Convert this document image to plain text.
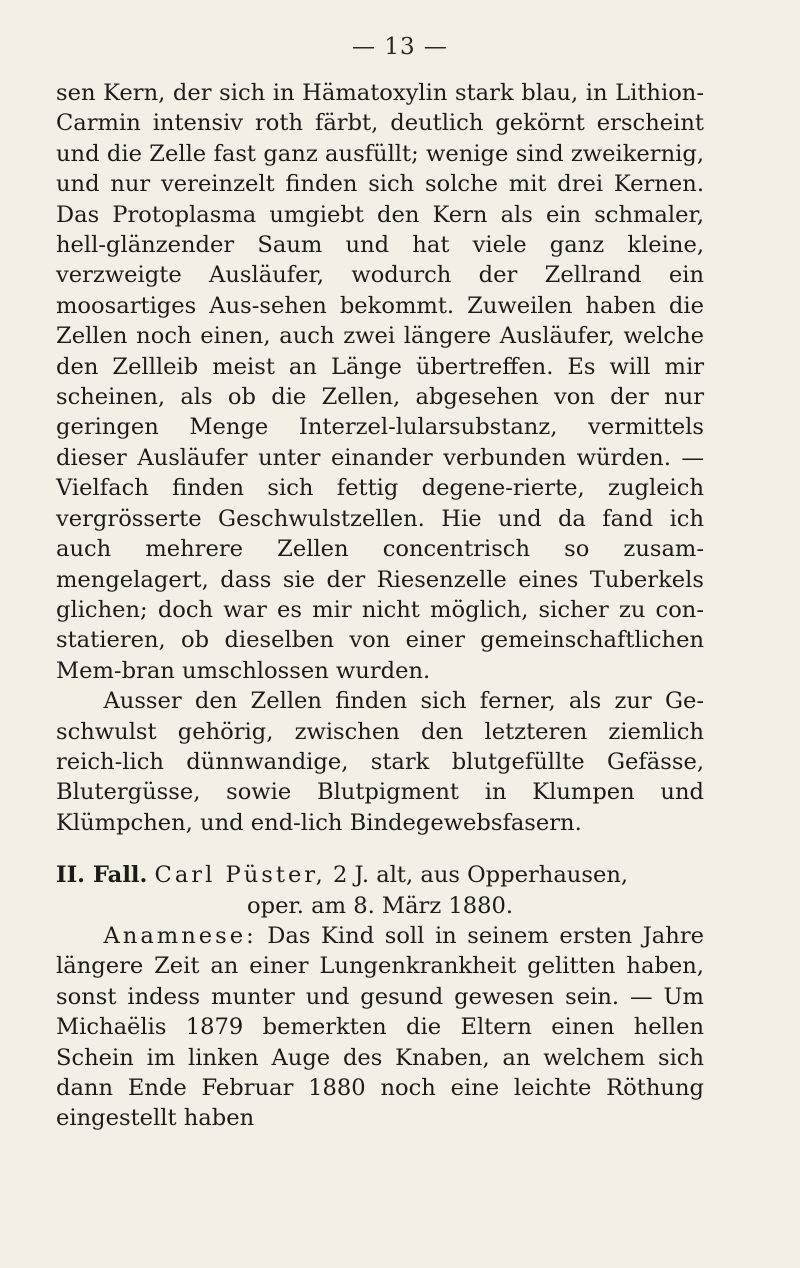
— 13 —

sen Kern, der sich in Hämatoxylin stark blau, in Lithion-Carmin intensiv roth färbt, deutlich gekörnt erscheint und die Zelle fast ganz ausfüllt; wenige sind zweikernig, und nur vereinzelt finden sich solche mit drei Kernen. Das Protoplasma umgiebt den Kern als ein schmaler, hell-glänzender Saum und hat viele ganz kleine, verzweigte Ausläufer, wodurch der Zellrand ein moosartiges Aus-sehen bekommt. Zuweilen haben die Zellen noch einen, auch zwei längere Ausläufer, welche den Zellleib meist an Länge übertreffen. Es will mir scheinen, als ob die Zellen, abgesehen von der nur geringen Menge Interzel-lularsubstanz, vermittels dieser Ausläufer unter einander verbunden würden. — Vielfach finden sich fettig degene-rierte, zugleich vergrösserte Geschwulstzellen. Hie und da fand ich auch mehrere Zellen concentrisch so zusam-mengelagert, dass sie der Riesenzelle eines Tuberkels glichen; doch war es mir nicht möglich, sicher zu con-statieren, ob dieselben von einer gemeinschaftlichen Mem-bran umschlossen wurden.

Ausser den Zellen finden sich ferner, als zur Ge-schwulst gehörig, zwischen den letzteren ziemlich reich-lich dünnwandige, stark blutgefüllte Gefässe, Blutergüsse, sowie Blutpigment in Klumpen und Klümpchen, und end-lich Bindegewebsfasern.

II. Fall. Carl Püster, 2 J. alt, aus Opperhausen,

oper. am 8. März 1880.

Anamnese: Das Kind soll in seinem ersten Jahre längere Zeit an einer Lungenkrankheit gelitten haben, sonst indess munter und gesund gewesen sein. — Um Michaëlis 1879 bemerkten die Eltern einen hellen Schein im linken Auge des Knaben, an welchem sich dann Ende Februar 1880 noch eine leichte Röthung eingestellt haben
